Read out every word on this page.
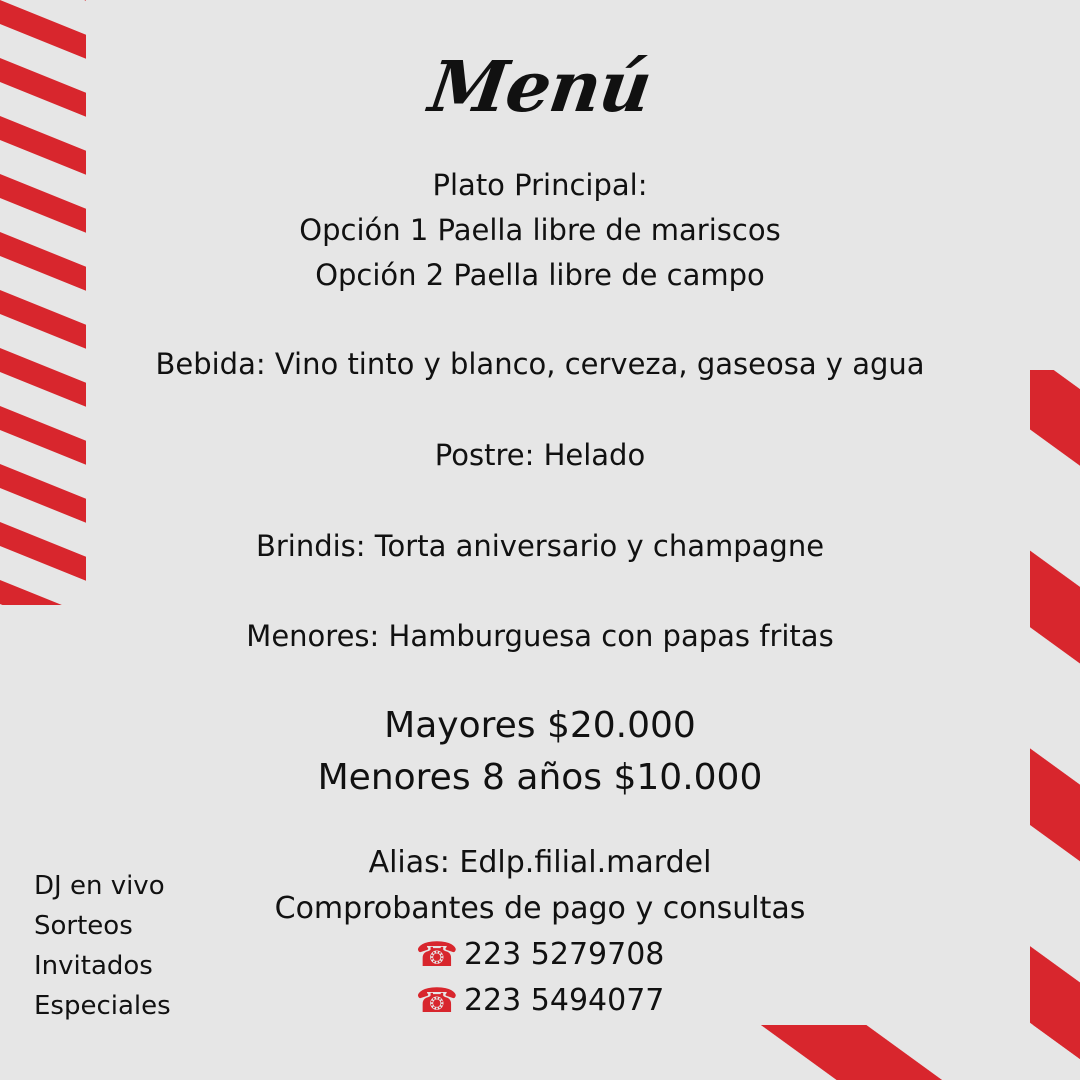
Menú
Plato Principal:
Opción 1 Paella libre de mariscos
Opción 2 Paella libre de campo
Bebida: Vino tinto y blanco, cerveza, gaseosa y agua
Postre: Helado
Brindis: Torta aniversario y champagne
Menores: Hamburguesa con papas fritas
Mayores $20.000
Menores 8 años $10.000
Alias: Edlp.filial.mardel
Comprobantes de pago y consultas
☎ 223 5279708
☎ 223 5494077
DJ en vivo
Sorteos
Invitados
Especiales
